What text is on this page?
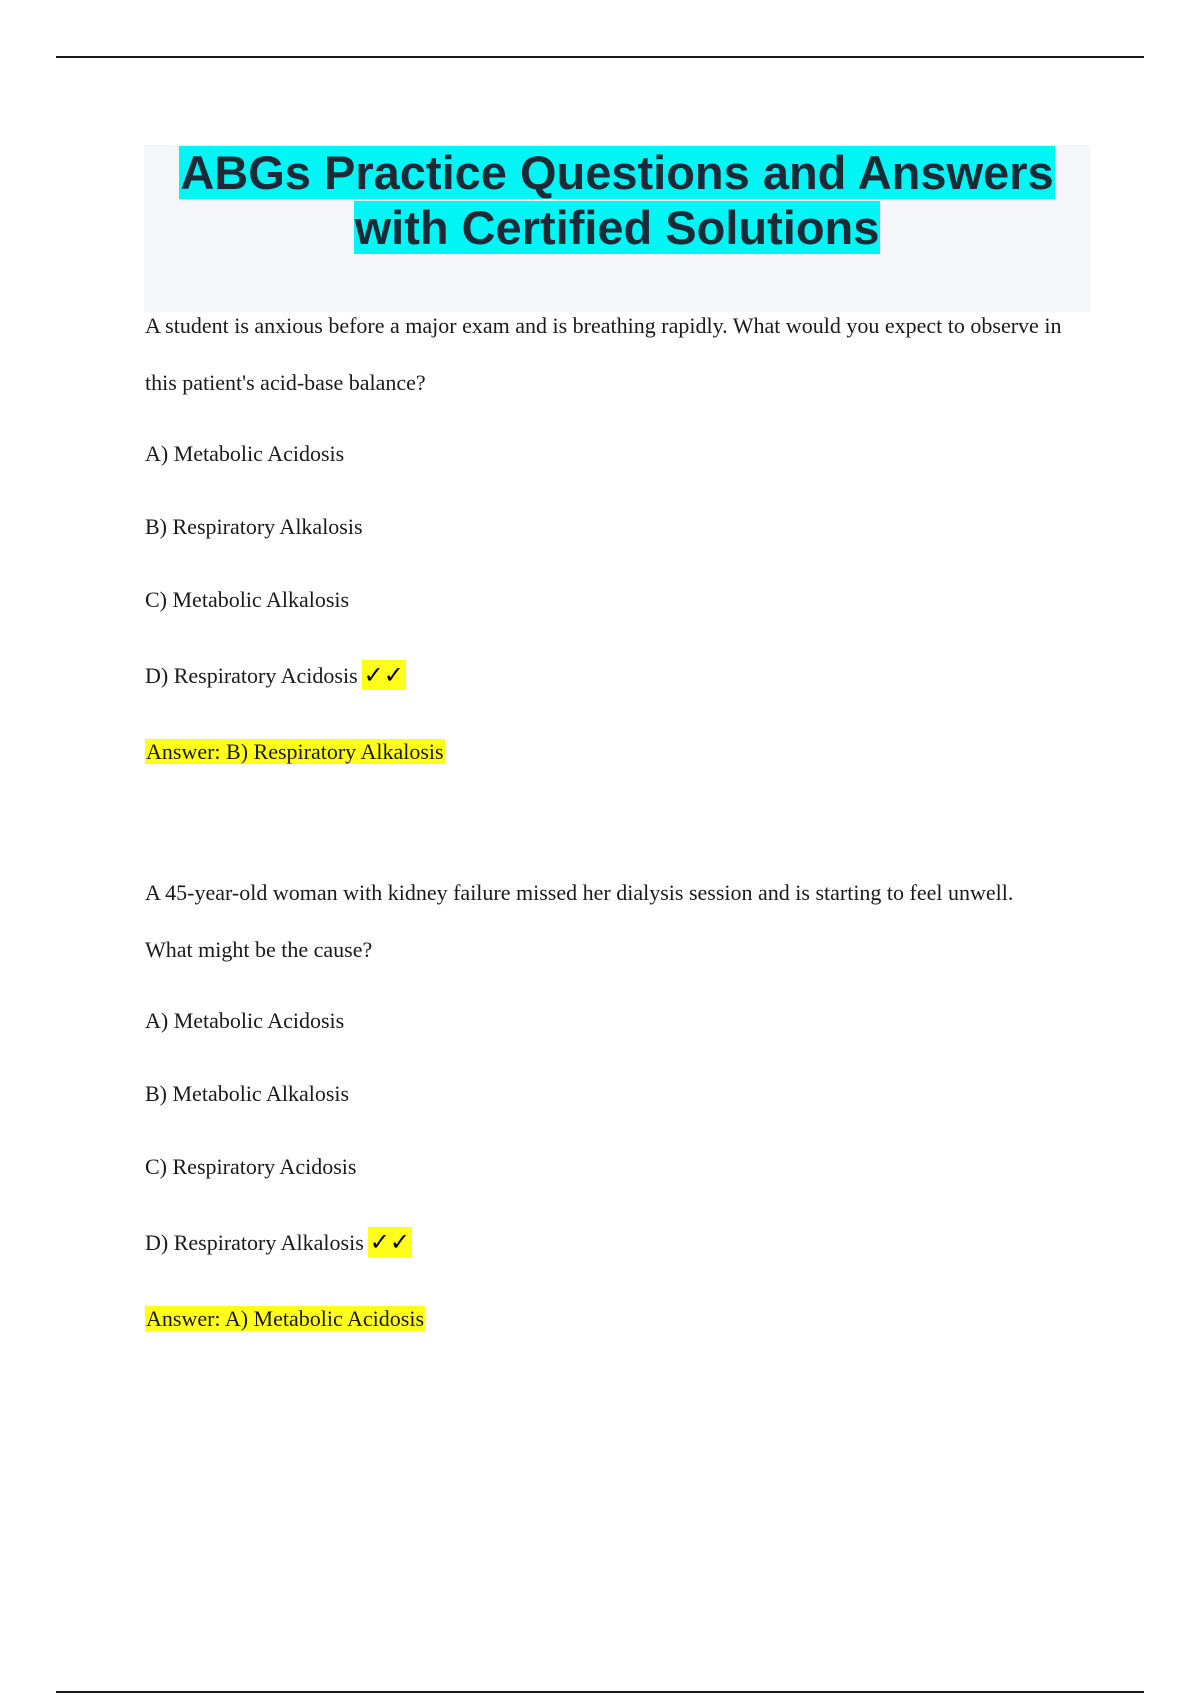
ABGs Practice Questions and Answers
with Certified Solutions

A student is anxious before a major exam and is breathing rapidly. What would you expect to observe in this patient's acid-base balance?

A) Metabolic Acidosis

B) Respiratory Alkalosis

C) Metabolic Alkalosis

D) Respiratory Acidosis ✓✓

Answer: B) Respiratory Alkalosis

A 45-year-old woman with kidney failure missed her dialysis session and is starting to feel unwell. What might be the cause?

A) Metabolic Acidosis

B) Metabolic Alkalosis

C) Respiratory Acidosis

D) Respiratory Alkalosis ✓✓

Answer: A) Metabolic Acidosis
